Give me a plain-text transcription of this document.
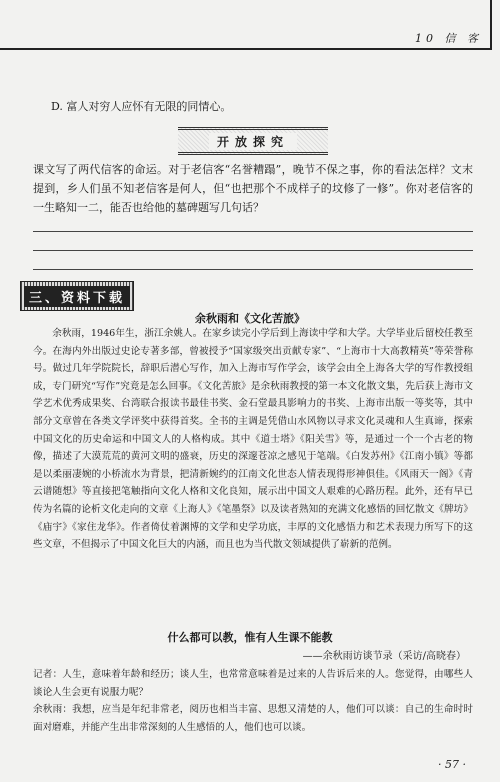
10 信 客
D. 富人对穷人应怀有无限的同情心。
开放探究
课文写了两代信客的命运。对于老信客“名誉糟蹋”，晚节不保之事，你的看法怎样？文末提到，乡人们虽不知老信客是何人，但“也把那个不成样子的坟修了一修”。你对老信客的一生略知一二，能否也给他的墓碑题写几句话？
三、资料下载
余秋雨和《文化苦旅》

余秋雨，1946年生，浙江余姚人。在家乡读完小学后到上海读中学和大学。大学毕业后留校任教至今。在海内外出版过史论专著多部，曾被授予“国家级突出贡献专家”、“上海市十大高教精英”等荣誉称号。做过几年学院院长，辞职后潜心写作，加入上海市写作学会，该学会由全上海各大学的写作教授组成，专门研究“写作”究竟是怎么回事。《文化苦旅》是余秋雨教授的第一本文化散文集，先后获上海市文学艺术优秀成果奖、台湾联合报读书最佳书奖、金石堂最具影响力的书奖、上海市出版一等奖等，其中部分文章曾在各类文学评奖中获得首奖。全书的主调是凭借山水风物以寻求文化灵魂和人生真谛，探索中国文化的历史命运和中国文人的人格构成。其中《道士塔》《阳关雪》等，是通过一个一个古老的物像，描述了大漠荒荒的黄河文明的盛衰，历史的深邃苍凉之感见于笔端。《白发苏州》《江南小镇》等都是以柔丽凄婉的小桥流水为背景，把清新婉约的江南文化世态人情表现得形神俱佳。《风雨天一阁》《青云谱随想》等直接把笔触指向文化人格和文化良知，展示出中国文人艰难的心路历程。此外，还有早已传为名篇的论析文化走向的文章《上海人》《笔墨祭》以及读者熟知的充满文化感悟的回忆散文《牌坊》《庙宇》《家住龙华》。作者倚仗着渊博的文学和史学功底，丰厚的文化感悟力和艺术表现力所写下的这些文章，不但揭示了中国文化巨大的内涵，而且也为当代散文领域提供了崭新的范例。

什么都可以教，惟有人生课不能教
——余秋雨访谈节录（采访/高晓春）

记者：人生，意味着年龄和经历；谈人生，也常常意味着是过来的人告诉后来的人。您觉得，由哪些人谈论人生会更有说服力呢？

余秋雨：我想，应当是年纪非常老，阅历也相当丰富、思想又清楚的人，他们可以谈：自己的生命时时面对磨难，并能产生出非常深刻的人生感悟的人，他们也可以谈。

· 57 ·
